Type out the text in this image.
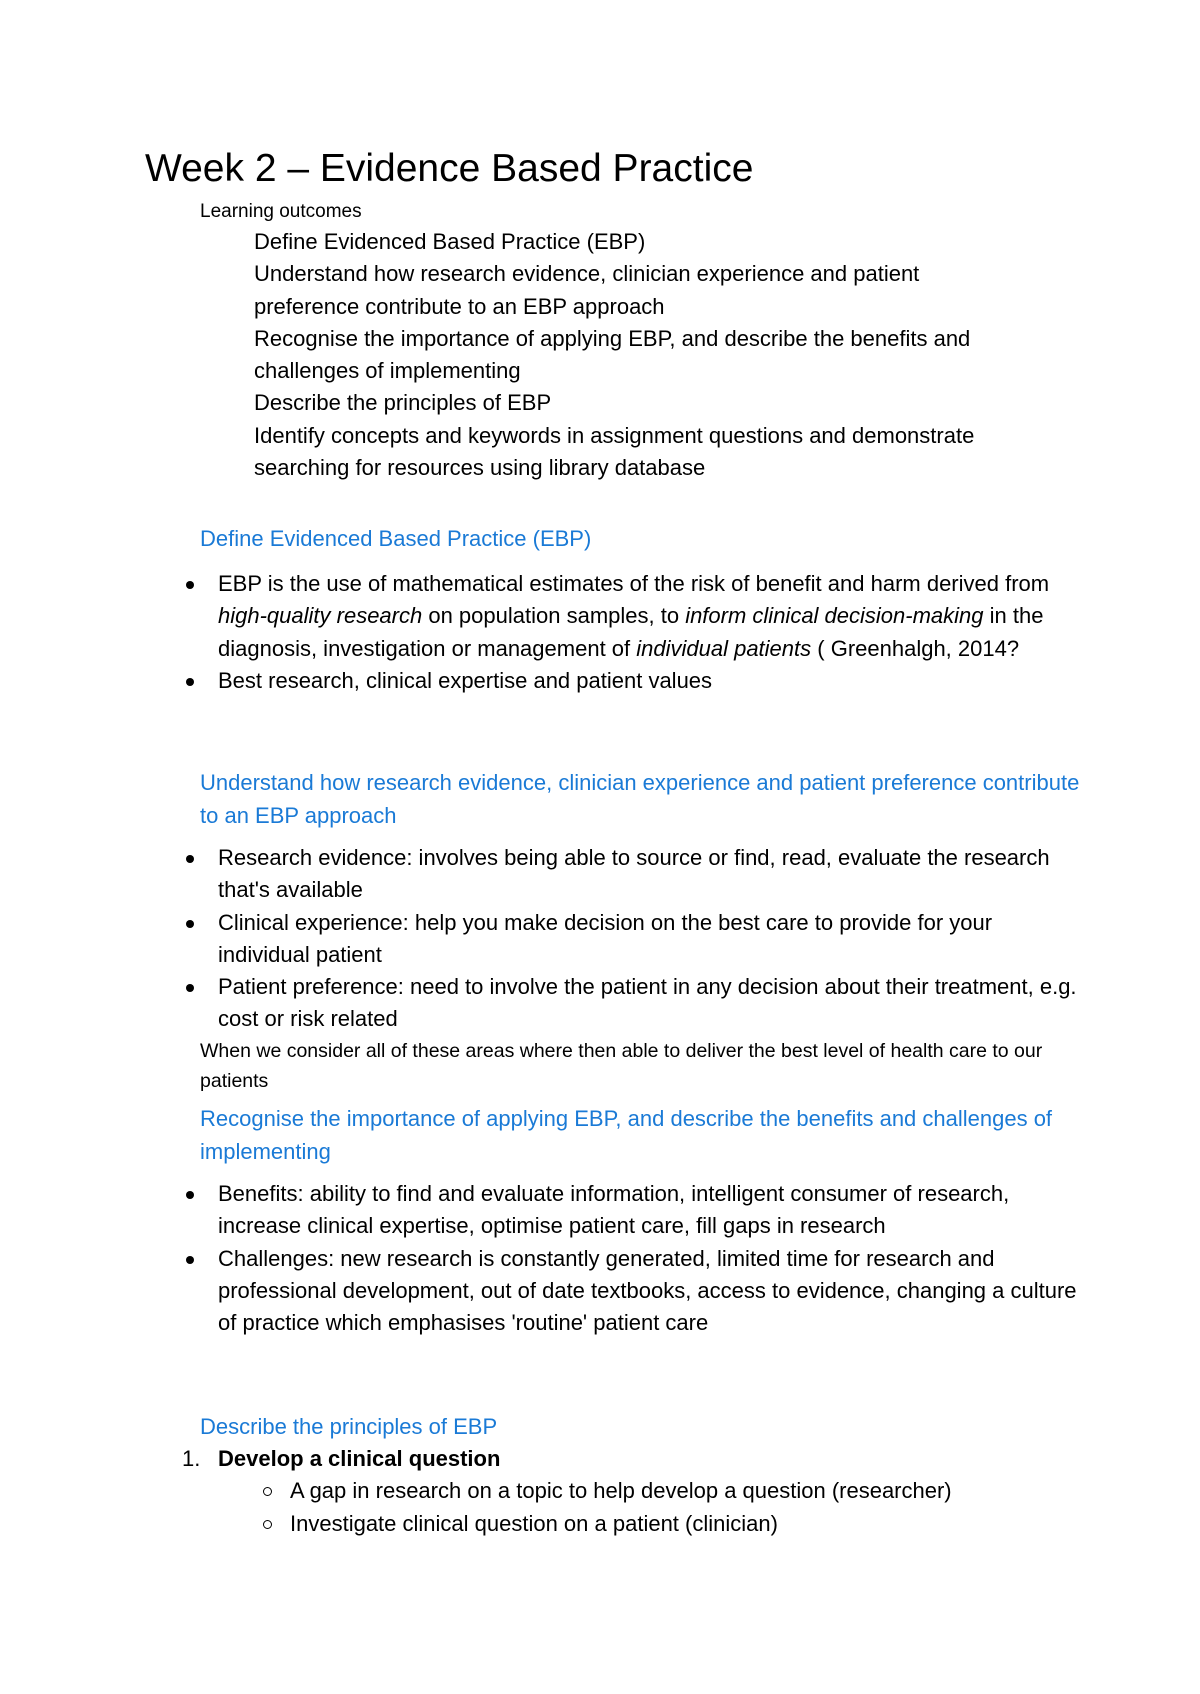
Week 2 – Evidence Based Practice
Learning outcomes
Define Evidenced Based Practice (EBP)
Understand how research evidence, clinician experience and patient
preference contribute to an EBP approach
Recognise the importance of applying EBP, and describe the benefits and
challenges of implementing
Describe the principles of EBP
Identify concepts and keywords in assignment questions and demonstrate
searching for resources using library database
Define Evidenced Based Practice (EBP)
EBP is the use of mathematical estimates of the risk of benefit and harm derived from high-quality research on population samples, to inform clinical decision-making in the diagnosis, investigation or management of individual patients ( Greenhalgh, 2014?
Best research, clinical expertise and patient values
Understand how research evidence, clinician experience and patient preference contribute to an EBP approach
Research evidence: involves being able to source or find, read, evaluate the research that's available
Clinical experience: help you make decision on the best care to provide for your individual patient
Patient preference: need to involve the patient in any decision about their treatment, e.g. cost or risk related
When we consider all of these areas where then able to deliver the best level of health care to our patients
Recognise the importance of applying EBP, and describe the benefits and challenges of implementing
Benefits: ability to find and evaluate information, intelligent consumer of research, increase clinical expertise, optimise patient care, fill gaps in research
Challenges: new research is constantly generated, limited time for research and professional development, out of date textbooks, access to evidence, changing a culture of practice which emphasises 'routine' patient care
Describe the principles of EBP
1. Develop a clinical question
A gap in research on a topic to help develop a question (researcher)
Investigate clinical question on a patient (clinician)
